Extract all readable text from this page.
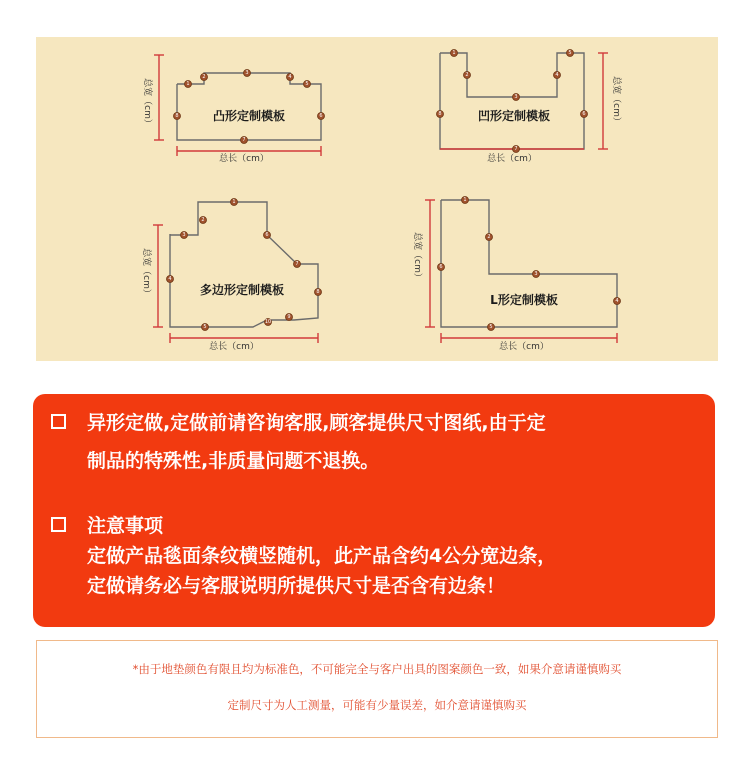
总宽（cm）
总长（cm）
凸形定制模板
1
2
3
4
5
6
7
8	总宽（cm）
总长（cm）
凹形定制模板
1
2
3
4
5
6
7
8
总宽（cm）
总长（cm）
多边形定制模板
1
2
3
4
5
6
7
8
9
10
总宽（cm）
总长（cm）
L形定制模板
1
2
3
4
5
6
异形定做,定做前请咨询客服,顾客提供尺寸图纸,由于定
制品的特殊性,非质量问题不退换。
注意事项
定做产品毯面条纹横竖随机，此产品含约4公分宽边条，
定做请务必与客服说明所提供尺寸是否含有边条！
*由于地垫颜色有限且均为标准色，不可能完全与客户出具的图案颜色一致，如果介意请谨慎购买
定制尺寸为人工测量，可能有少量误差，如介意请谨慎购买
